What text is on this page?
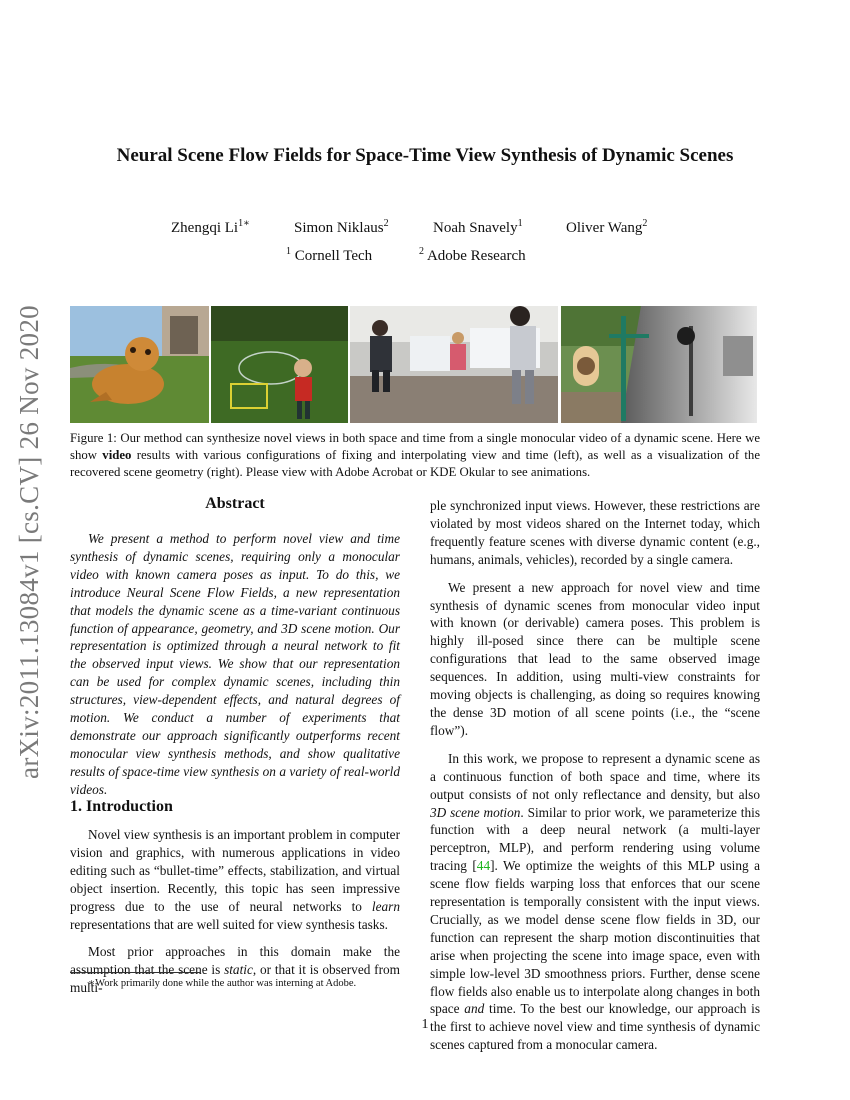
arXiv:2011.13084v1 [cs.CV] 26 Nov 2020
Neural Scene Flow Fields for Space-Time View Synthesis of Dynamic Scenes
Zhengqi $Li^{1∗}$	Simon Niklaus$^2$	Noah Snavely$^1$	Oliver Wang$^2$
$^1$ Cornell Tech	$^2$ Adobe Research
Figure 1: Our method can synthesize novel views in both space and time from a single monocular video of a dynamic scene. Here we show video results with various configurations of fixing and interpolating view and time (left), as well as a visualization of the recovered scene geometry (right). Please view with Adobe Acrobat or KDE Okular to see animations.
Abstract

We present a method to perform novel view and time synthesis of dynamic scenes, requiring only a monocular video with known camera poses as input. To do this, we introduce Neural Scene Flow Fields, a new representation that models the dynamic scene as a time-variant continuous function of appearance, geometry, and 3D scene motion. Our representation is optimized through a neural network to fit the observed input views. We show that our representation can be used for complex dynamic scenes, including thin structures, view-dependent effects, and natural degrees of motion. We conduct a number of experiments that demonstrate our approach significantly outperforms recent monocular view synthesis methods, and show qualitative results of space-time view synthesis on a variety of real-world videos.

1. Introduction

Novel view synthesis is an important problem in computer vision and graphics, with numerous applications in video editing such as “bullet-time” effects, stabilization, and virtual object insertion. Recently, this topic has seen impressive progress due to the use of neural networks to learn representations that are well suited for view synthesis tasks.

Most prior approaches in this domain make the assumption that the scene is static, or that it is observed from multi-

∗Work primarily done while the author was interning at Adobe.

ple synchronized input views. However, these restrictions are violated by most videos shared on the Internet today, which frequently feature scenes with diverse dynamic content (e.g., humans, animals, vehicles), recorded by a single camera.

We present a new approach for novel view and time synthesis of dynamic scenes from monocular video input with known (or derivable) camera poses. This problem is highly ill-posed since there can be multiple scene configurations that lead to the same observed image sequences. In addition, using multi-view constraints for moving objects is challenging, as doing so requires knowing the dense 3D motion of all scene points (i.e., the “scene flow”).

In this work, we propose to represent a dynamic scene as a continuous function of both space and time, where its output consists of not only reflectance and density, but also 3D scene motion. Similar to prior work, we parameterize this function with a deep neural network (a multi-layer perceptron, MLP), and perform rendering using volume tracing [44]. We optimize the weights of this MLP using a scene flow fields warping loss that enforces that our scene representation is temporally consistent with the input views. Crucially, as we model dense scene flow fields in 3D, our function can represent the sharp motion discontinuities that arise when projecting the scene into image space, even with simple low-level 3D smoothness priors. Further, dense scene flow fields also enable us to interpolate along changes in both space and time. To the best our knowledge, our approach is the first to achieve novel view and time synthesis of dynamic scenes captured from a monocular camera.

1
